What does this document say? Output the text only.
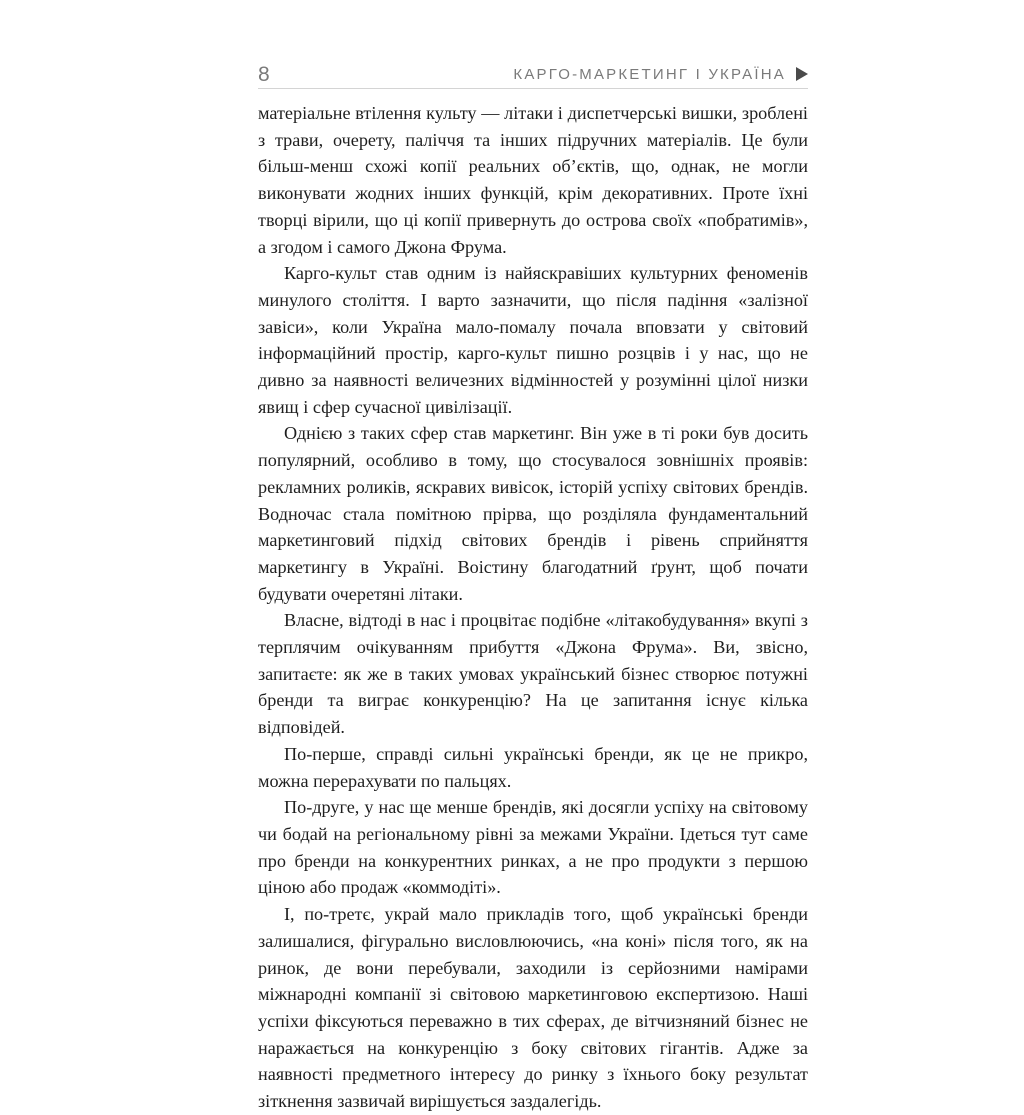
8	КАРГО-МАРКЕТИНГ І УКРАЇНА

матеріальне втілення культу — літаки і диспетчерські вишки, зроблені з трави, очерету, паліччя та інших підручних матеріалів. Це були більш-менш схожі копії реальних об’єктів, що, однак, не могли виконувати жодних інших функцій, крім декоративних. Проте їхні творці вірили, що ці копії привернуть до острова своїх «побратимів», а згодом і самого Джона Фрума.

Карго-культ став одним із найяскравіших культурних феноменів минулого століття. І варто зазначити, що після падіння «залізної завіси», коли Україна мало-помалу почала вповзати у світовий інформаційний простір, карго-культ пишно розцвів і у нас, що не дивно за наявності величезних відмінностей у розумінні цілої низки явищ і сфер сучасної цивілізації.

Однією з таких сфер став маркетинг. Він уже в ті роки був досить популярний, особливо в тому, що стосувалося зовнішніх проявів: рекламних роликів, яскравих вивісок, історій успіху світових брендів. Водночас стала помітною прірва, що розділяла фундаментальний маркетинговий підхід світових брендів і рівень сприйняття маркетингу в Україні. Воістину благодатний ґрунт, щоб почати будувати очеретяні літаки.

Власне, відтоді в нас і процвітає подібне «літакобудування» вкупі з терплячим очікуванням прибуття «Джона Фрума». Ви, звісно, запитаєте: як же в таких умовах український бізнес створює потужні бренди та виграє конкуренцію? На це запитання існує кілька відповідей.

По-перше, справді сильні українські бренди, як це не прикро, можна перерахувати по пальцях.

По-друге, у нас ще менше брендів, які досягли успіху на світовому чи бодай на регіональному рівні за межами України. Ідеться тут саме про бренди на конкурентних ринках, а не про продукти з першою ціною або продаж «коммодіті».

І, по-третє, украй мало прикладів того, щоб українські бренди залишалися, фігурально висловлюючись, «на коні» після того, як на ринок, де вони перебували, заходили із серйозними намірами міжнародні компанії зі світовою маркетинговою експертизою. Наші успіхи фіксуються переважно в тих сферах, де вітчизняний бізнес не наражається на конкуренцію з боку світових гігантів. Адже за наявності предметного інтересу до ринку з їхнього боку результат зіткнення зазвичай вирішується заздалегідь.
